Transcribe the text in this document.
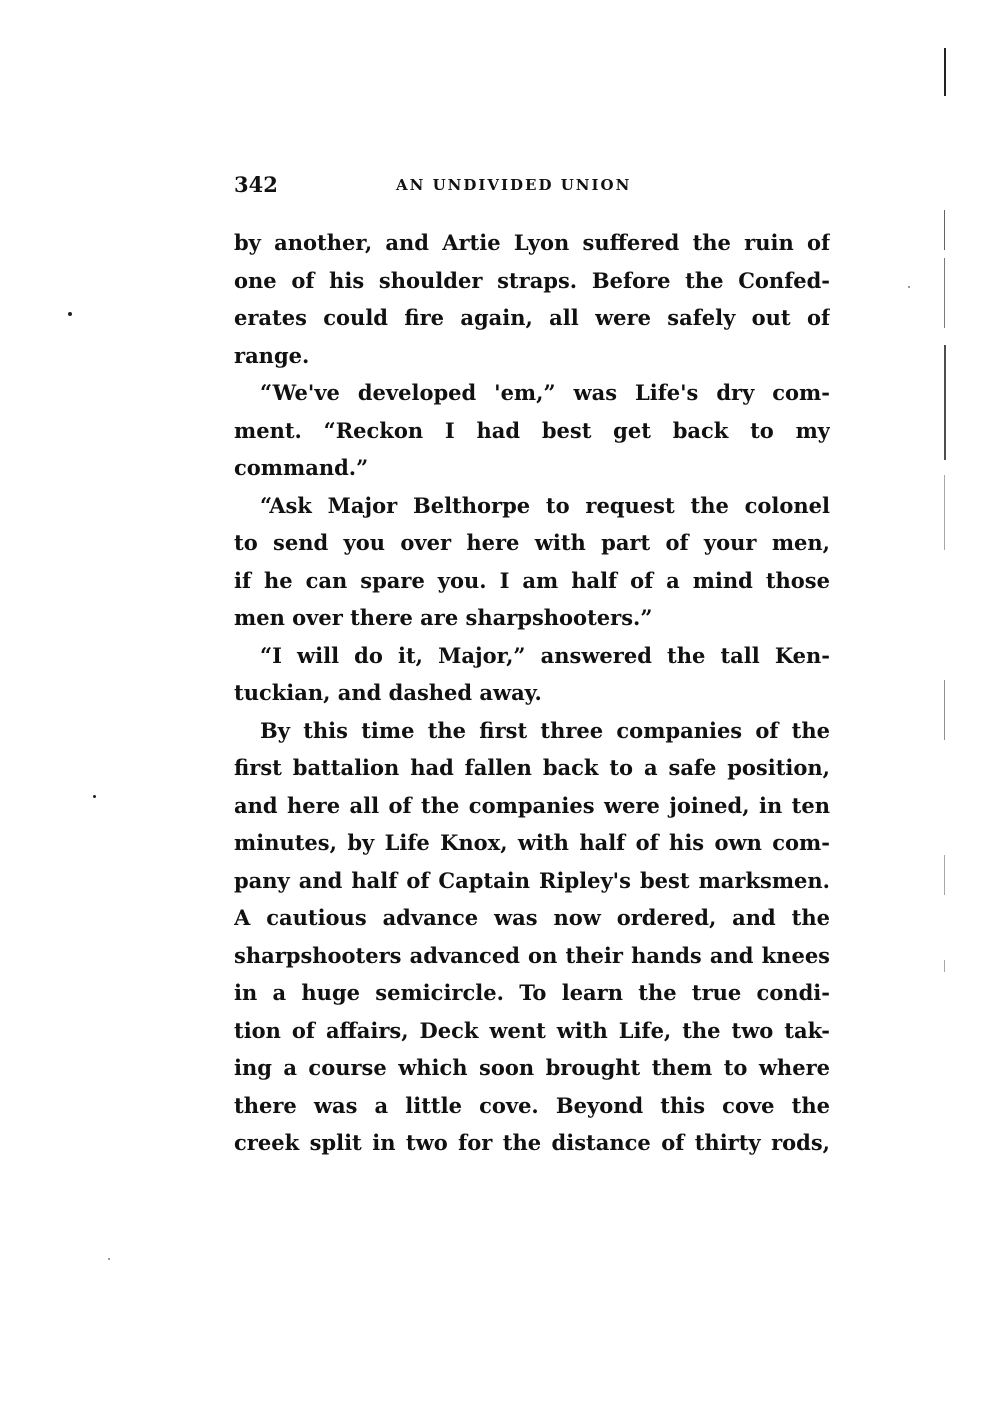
342	AN UNDIVIDED UNION
by another, and Artie Lyon suffered the ruin of
one of his shoulder straps. Before the Confed-
erates could fire again, all were safely out of
range.
“We've developed 'em,” was Life's dry com-
ment. “Reckon I had best get back to my
command.”
“Ask Major Belthorpe to request the colonel
to send you over here with part of your men,
if he can spare you. I am half of a mind those
men over there are sharpshooters.”
“I will do it, Major,” answered the tall Ken-
tuckian, and dashed away.
By this time the first three companies of the
first battalion had fallen back to a safe position,
and here all of the companies were joined, in ten
minutes, by Life Knox, with half of his own com-
pany and half of Captain Ripley's best marksmen.
A cautious advance was now ordered, and the
sharpshooters advanced on their hands and knees
in a huge semicircle. To learn the true condi-
tion of affairs, Deck went with Life, the two tak-
ing a course which soon brought them to where
there was a little cove. Beyond this cove the
creek split in two for the distance of thirty rods,
